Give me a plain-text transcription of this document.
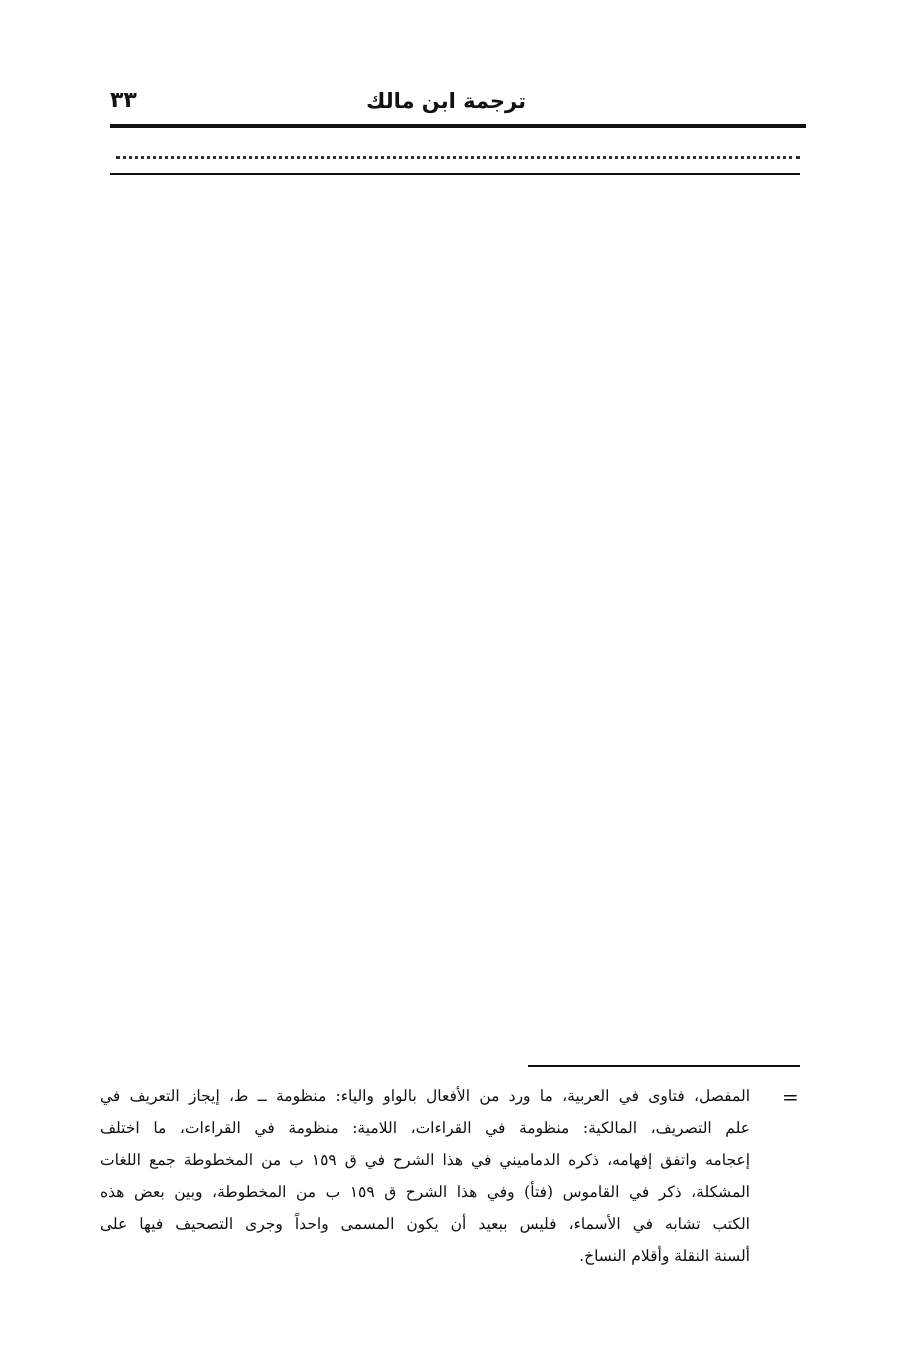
ترجمة ابن مالك
٣٣
=
المفصل، فتاوى في العربية، ما ورد من الأفعال بالواو والياء: منظومة ــ ط، إيجاز التعريف في
علم التصريف، المالكية: منظومة في القراءات، اللامية: منظومة في القراءات، ما اختلف
إعجامه واتفق إفهامه، ذكره الدماميني في هذا الشرح في ق ١٥٩ ب من المخطوطة جمع اللغات
المشكلة، ذكر في القاموس (فتأ) وفي هذا الشرح ق ١٥٩ ب من المخطوطة، وبين بعض هذه
الكتب تشابه في الأسماء، فليس ببعيد أن يكون المسمى واحداً وجرى التصحيف فيها على
ألسنة النقلة وأقلام النساخ.
